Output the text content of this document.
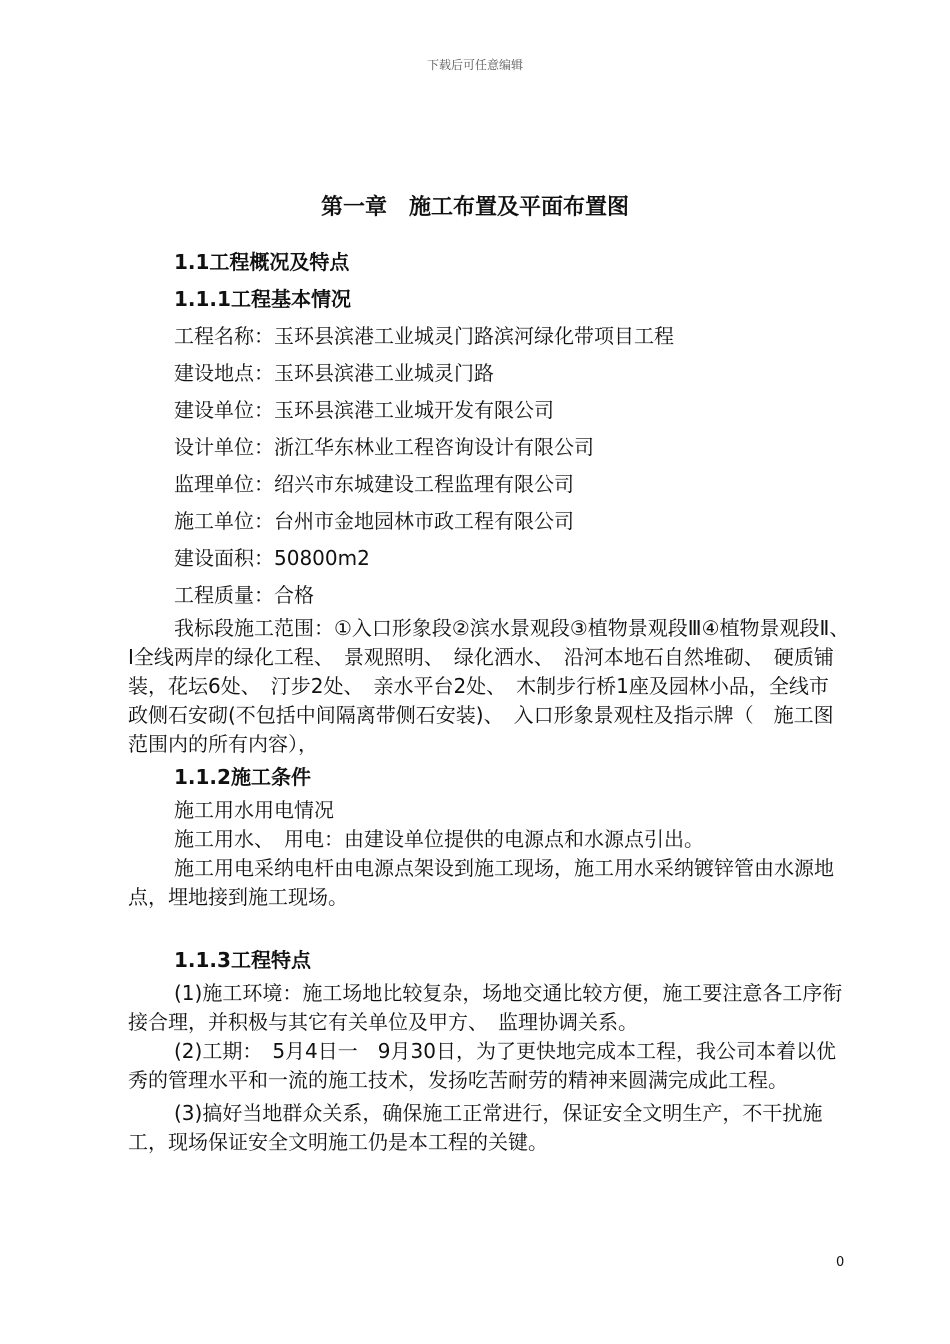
下载后可任意编辑
第一章　施工布置及平面布置图
1.1工程概况及特点
1.1.1工程基本情况
工程名称：玉环县滨港工业城灵门路滨河绿化带项目工程
建设地点：玉环县滨港工业城灵门路
建设单位：玉环县滨港工业城开发有限公司
设计单位：浙江华东林业工程咨询设计有限公司
监理单位：绍兴市东城建设工程监理有限公司
施工单位：台州市金地园林市政工程有限公司
建设面积：50800m2
工程质量：合格
我标段施工范围：①入口形象段②滨水景观段③植物景观段Ⅲ④植物景观段Ⅱ、　Ⅰ全线两岸的绿化工程、　景观照明、　绿化洒水、　沿河本地石自然堆砌、　硬质铺装，花坛6处、　汀步2处、　亲水平台2处、　木制步行桥1座及园林小品，全线市政侧石安砌(不包括中间隔离带侧石安装)、　入口形象景观柱及指示牌（　施工图范围内的所有内容），
1.1.2施工条件
施工用水用电情况
施工用水、　用电：由建设单位提供的电源点和水源点引出。
施工用电采纳电杆由电源点架设到施工现场，施工用水采纳镀锌管由水源地点，埋地接到施工现场。
1.1.3工程特点
(1)施工环境：施工场地比较复杂，场地交通比较方便，施工要注意各工序衔接合理，并积极与其它有关单位及甲方、　监理协调关系。
(2)工期：　5月4日一　9月30日，为了更快地完成本工程，我公司本着以优秀的管理水平和一流的施工技术，发扬吃苦耐劳的精神来圆满完成此工程。
(3)搞好当地群众关系，确保施工正常进行，保证安全文明生产，不干扰施工，现场保证安全文明施工仍是本工程的关键。
0
